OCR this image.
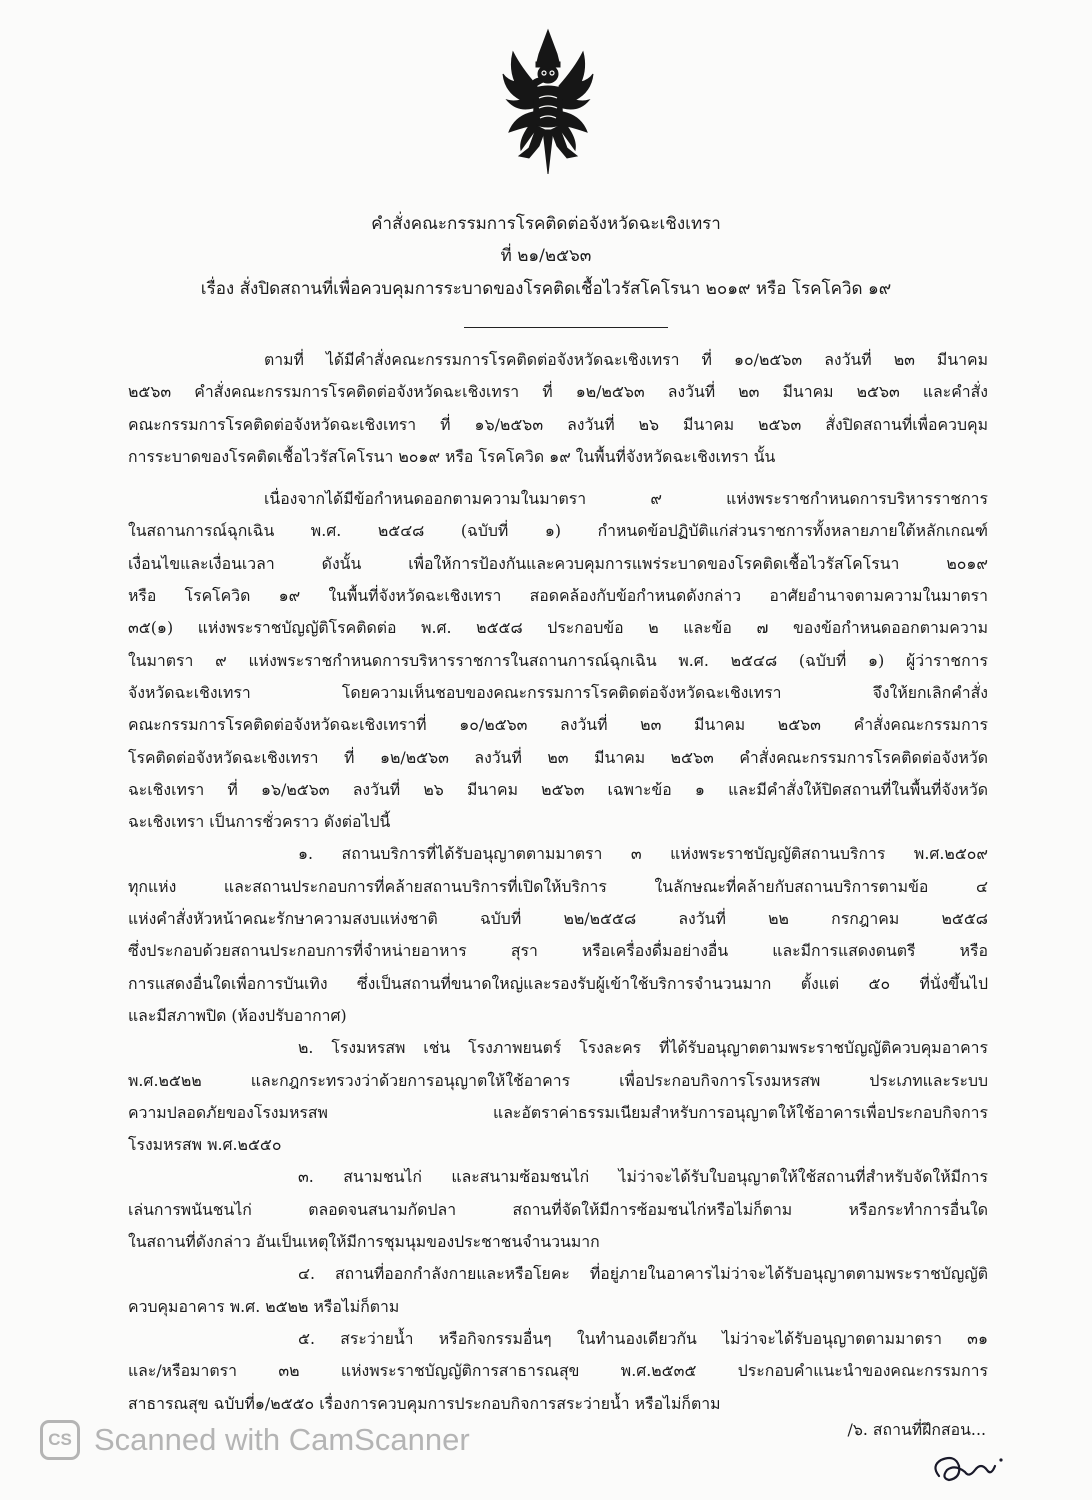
คำสั่งคณะกรรมการโรคติดต่อจังหวัดฉะเชิงเทรา
ที่ ๒๑/๒๕๖๓
เรื่อง สั่งปิดสถานที่เพื่อควบคุมการระบาดของโรคติดเชื้อไวรัสโคโรนา ๒๐๑๙ หรือ โรคโควิด ๑๙
ตามที่ ได้มีคำสั่งคณะกรรมการโรคติดต่อจังหวัดฉะเชิงเทรา ที่ ๑๐/๒๕๖๓ ลงวันที่ ๒๓ มีนาคม
๒๕๖๓ คำสั่งคณะกรรมการโรคติดต่อจังหวัดฉะเชิงเทรา ที่ ๑๒/๒๕๖๓ ลงวันที่ ๒๓ มีนาคม ๒๕๖๓ และคำสั่ง
คณะกรรมการโรคติดต่อจังหวัดฉะเชิงเทรา ที่ ๑๖/๒๕๖๓ ลงวันที่ ๒๖ มีนาคม ๒๕๖๓ สั่งปิดสถานที่เพื่อควบคุม
การระบาดของโรคติดเชื้อไวรัสโคโรนา ๒๐๑๙ หรือ โรคโควิด ๑๙ ในพื้นที่จังหวัดฉะเชิงเทรา นั้น
เนื่องจากได้มีข้อกำหนดออกตามความในมาตรา ๙ แห่งพระราชกำหนดการบริหารราชการ
ในสถานการณ์ฉุกเฉิน พ.ศ. ๒๕๔๘ (ฉบับที่ ๑) กำหนดข้อปฏิบัติแก่ส่วนราชการทั้งหลายภายใต้หลักเกณฑ์
เงื่อนไขและเงื่อนเวลา ดังนั้น เพื่อให้การป้องกันและควบคุมการแพร่ระบาดของโรคติดเชื้อไวรัสโคโรนา ๒๐๑๙
หรือ โรคโควิด ๑๙ ในพื้นที่จังหวัดฉะเชิงเทรา สอดคล้องกับข้อกำหนดดังกล่าว อาศัยอำนาจตามความในมาตรา
๓๕(๑) แห่งพระราชบัญญัติโรคติดต่อ พ.ศ. ๒๕๕๘ ประกอบข้อ ๒ และข้อ ๗ ของข้อกำหนดออกตามความ
ในมาตรา ๙ แห่งพระราชกำหนดการบริหารราชการในสถานการณ์ฉุกเฉิน พ.ศ. ๒๕๔๘ (ฉบับที่ ๑) ผู้ว่าราชการ
จังหวัดฉะเชิงเทรา โดยความเห็นชอบของคณะกรรมการโรคติดต่อจังหวัดฉะเชิงเทรา จึงให้ยกเลิกคำสั่ง
คณะกรรมการโรคติดต่อจังหวัดฉะเชิงเทราที่ ๑๐/๒๕๖๓ ลงวันที่ ๒๓ มีนาคม ๒๕๖๓ คำสั่งคณะกรรมการ
โรคติดต่อจังหวัดฉะเชิงเทรา ที่ ๑๒/๒๕๖๓ ลงวันที่ ๒๓ มีนาคม ๒๕๖๓ คำสั่งคณะกรรมการโรคติดต่อจังหวัด
ฉะเชิงเทรา ที่ ๑๖/๒๕๖๓ ลงวันที่ ๒๖ มีนาคม ๒๕๖๓ เฉพาะข้อ ๑ และมีคำสั่งให้ปิดสถานที่ในพื้นที่จังหวัด
ฉะเชิงเทรา เป็นการชั่วคราว ดังต่อไปนี้
๑. สถานบริการที่ได้รับอนุญาตตามมาตรา ๓ แห่งพระราชบัญญัติสถานบริการ พ.ศ.๒๕๐๙
ทุกแห่ง และสถานประกอบการที่คล้ายสถานบริการที่เปิดให้บริการ ในลักษณะที่คล้ายกับสถานบริการตามข้อ ๔
แห่งคำสั่งหัวหน้าคณะรักษาความสงบแห่งชาติ ฉบับที่ ๒๒/๒๕๕๘ ลงวันที่ ๒๒ กรกฎาคม ๒๕๕๘
ซึ่งประกอบด้วยสถานประกอบการที่จำหน่ายอาหาร สุรา หรือเครื่องดื่มอย่างอื่น และมีการแสดงดนตรี หรือ
การแสดงอื่นใดเพื่อการบันเทิง ซึ่งเป็นสถานที่ขนาดใหญ่และรองรับผู้เข้าใช้บริการจำนวนมาก ตั้งแต่ ๕๐ ที่นั่งขึ้นไป
และมีสภาพปิด (ห้องปรับอากาศ)
๒. โรงมหรสพ เช่น โรงภาพยนตร์ โรงละคร ที่ได้รับอนุญาตตามพระราชบัญญัติควบคุมอาคาร
พ.ศ.๒๕๒๒ และกฎกระทรวงว่าด้วยการอนุญาตให้ใช้อาคาร เพื่อประกอบกิจการโรงมหรสพ ประเภทและระบบ
ความปลอดภัยของโรงมหรสพ และอัตราค่าธรรมเนียมสำหรับการอนุญาตให้ใช้อาคารเพื่อประกอบกิจการ
โรงมหรสพ พ.ศ.๒๕๕๐
๓. สนามชนไก่ และสนามซ้อมชนไก่ ไม่ว่าจะได้รับใบอนุญาตให้ใช้สถานที่สำหรับจัดให้มีการ
เล่นการพนันชนไก่ ตลอดจนสนามกัดปลา สถานที่จัดให้มีการซ้อมชนไก่หรือไม่ก็ตาม หรือกระทำการอื่นใด
ในสถานที่ดังกล่าว อันเป็นเหตุให้มีการชุมนุมของประชาชนจำนวนมาก
๔. สถานที่ออกกำลังกายและหรือโยคะ ที่อยู่ภายในอาคารไม่ว่าจะได้รับอนุญาตตามพระราชบัญญัติ
ควบคุมอาคาร พ.ศ. ๒๕๒๒ หรือไม่ก็ตาม
๕. สระว่ายน้ำ หรือกิจกรรมอื่นๆ ในทำนองเดียวกัน ไม่ว่าจะได้รับอนุญาตตามมาตรา ๓๑
และ/หรือมาตรา ๓๒ แห่งพระราชบัญญัติการสาธารณสุข พ.ศ.๒๕๓๕ ประกอบคำแนะนำของคณะกรรมการ
สาธารณสุข ฉบับที่๑/๒๕๕๐ เรื่องการควบคุมการประกอบกิจการสระว่ายน้ำ หรือไม่ก็ตาม
/๖. สถานที่ฝึกสอน...
CS Scanned with CamScanner
